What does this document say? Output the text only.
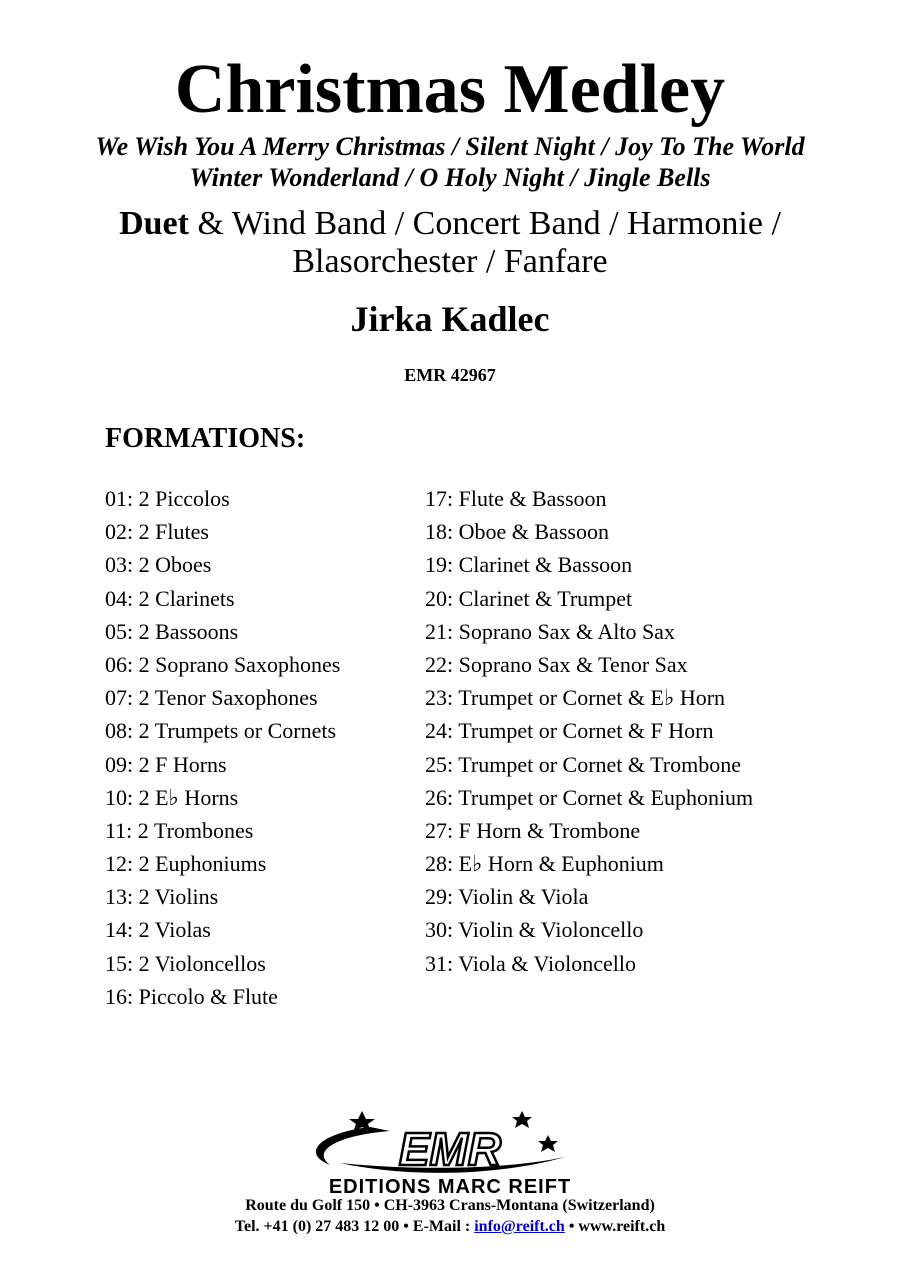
Christmas Medley
We Wish You A Merry Christmas / Silent Night / Joy To The World
Winter Wonderland / O Holy Night / Jingle Bells
Duet & Wind Band / Concert Band / Harmonie /
Blasorchester / Fanfare
Jirka Kadlec
EMR 42967
FORMATIONS:
01: 2 Piccolos
02: 2 Flutes
03: 2 Oboes
04: 2 Clarinets
05: 2 Bassoons
06: 2 Soprano Saxophones
07: 2 Tenor Saxophones
08: 2 Trumpets or Cornets
09: 2 F Horns
10: 2 E♭ Horns
11: 2 Trombones
12: 2 Euphoniums
13: 2 Violins
14: 2 Violas
15: 2 Violoncellos
16: Piccolo & Flute
17: Flute & Bassoon
18: Oboe & Bassoon
19: Clarinet & Bassoon
20: Clarinet & Trumpet
21: Soprano Sax & Alto Sax
22: Soprano Sax & Tenor Sax
23: Trumpet or Cornet & E♭ Horn
24: Trumpet or Cornet & F Horn
25: Trumpet or Cornet & Trombone
26: Trumpet or Cornet & Euphonium
27: F Horn & Trombone
28: E♭ Horn & Euphonium
29: Violin & Viola
30: Violin & Violoncello
31: Viola & Violoncello
EMR
EDITIONS MARC REIFT
Route du Golf 150 • CH-3963 Crans-Montana (Switzerland)
Tel. +41 (0) 27 483 12 00 • E-Mail : info@reift.ch • www.reift.ch
